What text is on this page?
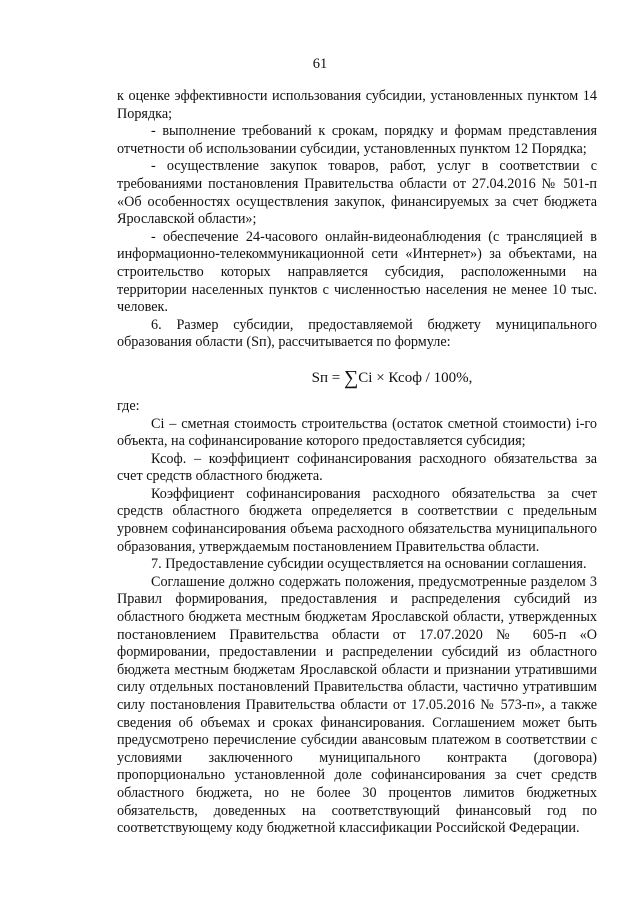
61

к оценке эффективности использования субсидии, установленных пунктом 14 Порядка;

- выполнение требований к срокам, порядку и формам представления отчетности об использовании субсидии, установленных пунктом 12 Порядка;

- осуществление закупок товаров, работ, услуг в соответствии с требованиями постановления Правительства области от 27.04.2016 № 501-п «Об особенностях осуществления закупок, финансируемых за счет бюджета Ярославской области»;

- обеспечение 24-часового онлайн-видеонаблюдения (с трансляцией в информационно-телекоммуникационной сети «Интернет») за объектами, на строительство которых направляется субсидия, расположенными на территории населенных пунктов с численностью населения не менее 10 тыс. человек.

6. Размер субсидии, предоставляемой бюджету муниципального образования области (Sп), рассчитывается по формуле:

Sп = ∑Ci × Ксоф / 100%,

где:

Сi – сметная стоимость строительства (остаток сметной стоимости) i-го объекта, на софинансирование которого предоставляется субсидия;

Ксоф. – коэффициент софинансирования расходного обязательства за счет средств областного бюджета.

Коэффициент софинансирования расходного обязательства за счет средств областного бюджета определяется в соответствии с предельным уровнем софинансирования объема расходного обязательства муниципального образования, утверждаемым постановлением Правительства области.

7. Предоставление субсидии осуществляется на основании соглашения.

Соглашение должно содержать положения, предусмотренные разделом 3 Правил формирования, предоставления и распределения субсидий из областного бюджета местным бюджетам Ярославской области, утвержденных постановлением Правительства области от 17.07.2020 № 605-п «О формировании, предоставлении и распределении субсидий из областного бюджета местным бюджетам Ярославской области и признании утратившими силу отдельных постановлений Правительства области, частично утратившим силу постановления Правительства области от 17.05.2016 № 573-п», а также сведения об объемах и сроках финансирования. Соглашением может быть предусмотрено перечисление субсидии авансовым платежом в соответствии с условиями заключенного муниципального контракта (договора) пропорционально установленной доле софинансирования за счет средств областного бюджета, но не более 30 процентов лимитов бюджетных обязательств, доведенных на соответствующий финансовый год по соответствующему коду бюджетной классификации Российской Федерации.
